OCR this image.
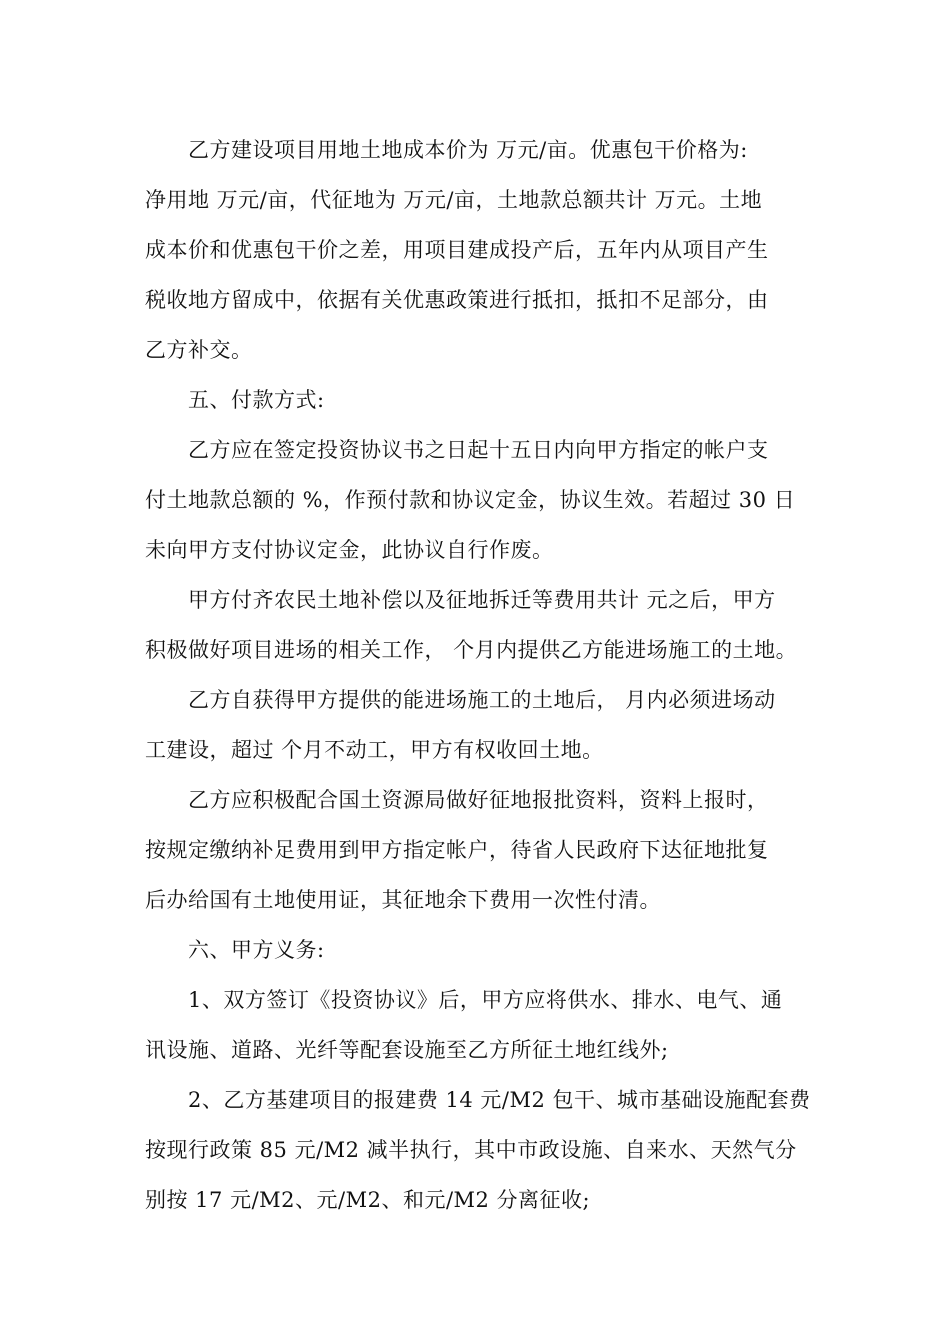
乙方建设项目用地土地成本价为 万元/亩。优惠包干价格为:
净用地 万元/亩，代征地为 万元/亩，土地款总额共计 万元。土地
成本价和优惠包干价之差，用项目建成投产后，五年内从项目产生
税收地方留成中，依据有关优惠政策进行抵扣，抵扣不足部分，由
乙方补交。
五、付款方式:
乙方应在签定投资协议书之日起十五日内向甲方指定的帐户支
付土地款总额的 %，作预付款和协议定金，协议生效。若超过 30 日
未向甲方支付协议定金，此协议自行作废。
甲方付齐农民土地补偿以及征地拆迁等费用共计 元之后，甲方
积极做好项目进场的相关工作， 个月内提供乙方能进场施工的土地。
乙方自获得甲方提供的能进场施工的土地后， 月内必须进场动
工建设，超过 个月不动工，甲方有权收回土地。
乙方应积极配合国土资源局做好征地报批资料，资料上报时，
按规定缴纳补足费用到甲方指定帐户，待省人民政府下达征地批复
后办给国有土地使用证，其征地余下费用一次性付清。
六、甲方义务:
1、双方签订《投资协议》后，甲方应将供水、排水、电气、通
讯设施、道路、光纤等配套设施至乙方所征土地红线外;
2、乙方基建项目的报建费 14 元/M2 包干、城市基础设施配套费
按现行政策 85 元/M2 减半执行，其中市政设施、自来水、天然气分
别按 17 元/M2、元/M2、和元/M2 分离征收;
